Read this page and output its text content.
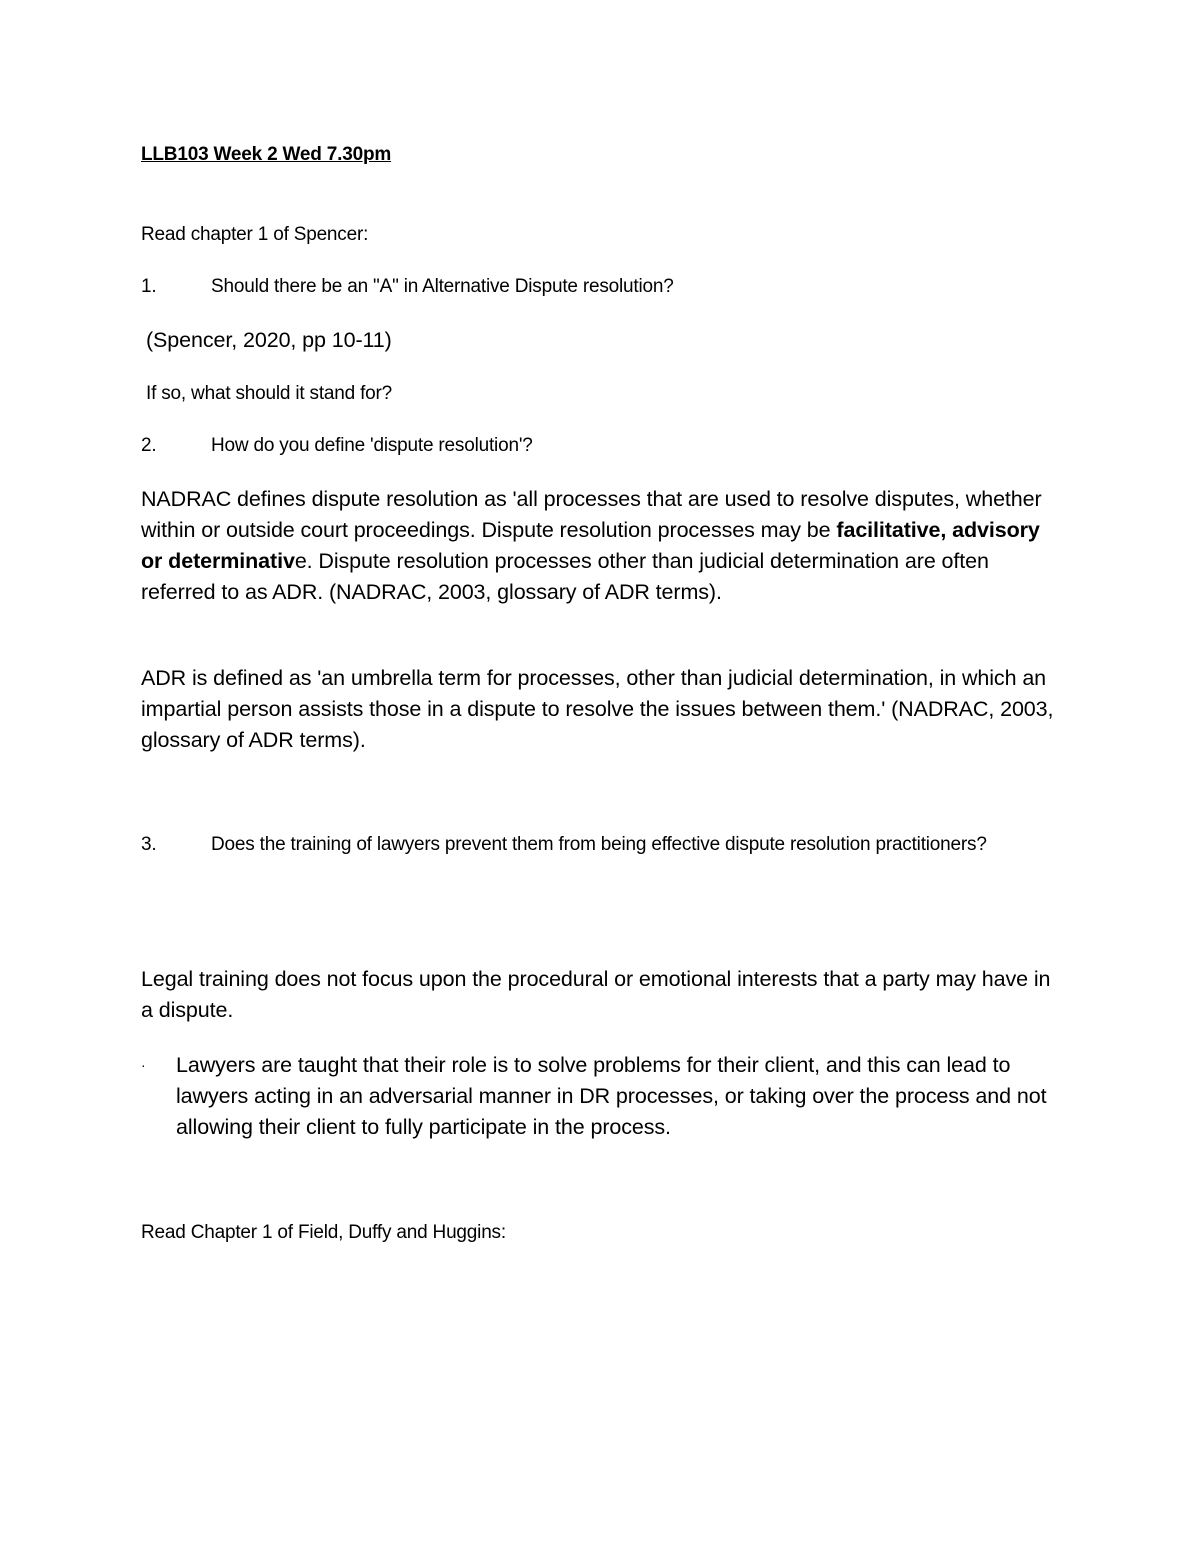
LLB103 Week 2 Wed 7.30pm

Read chapter 1 of Spencer:

1.	Should there be an "A" in Alternative Dispute resolution?

(Spencer, 2020, pp 10-11)

If so, what should it stand for?

2.	How do you define 'dispute resolution'?

NADRAC defines dispute resolution as 'all processes that are used to resolve disputes, whether within or outside court proceedings. Dispute resolution processes may be facilitative, advisory or determinative. Dispute resolution processes other than judicial determination are often referred to as ADR. (NADRAC, 2003, glossary of ADR terms).

ADR is defined as 'an umbrella term for processes, other than judicial determination, in which an impartial person assists those in a dispute to resolve the issues between them.' (NADRAC, 2003, glossary of ADR terms).

3.	Does the training of lawyers prevent them from being effective dispute resolution practitioners?

Legal training does not focus upon the procedural or emotional interests that a party may have in a dispute.

· Lawyers are taught that their role is to solve problems for their client, and this can lead to lawyers acting in an adversarial manner in DR processes, or taking over the process and not allowing their client to fully participate in the process.

Read Chapter 1 of Field, Duffy and Huggins:
